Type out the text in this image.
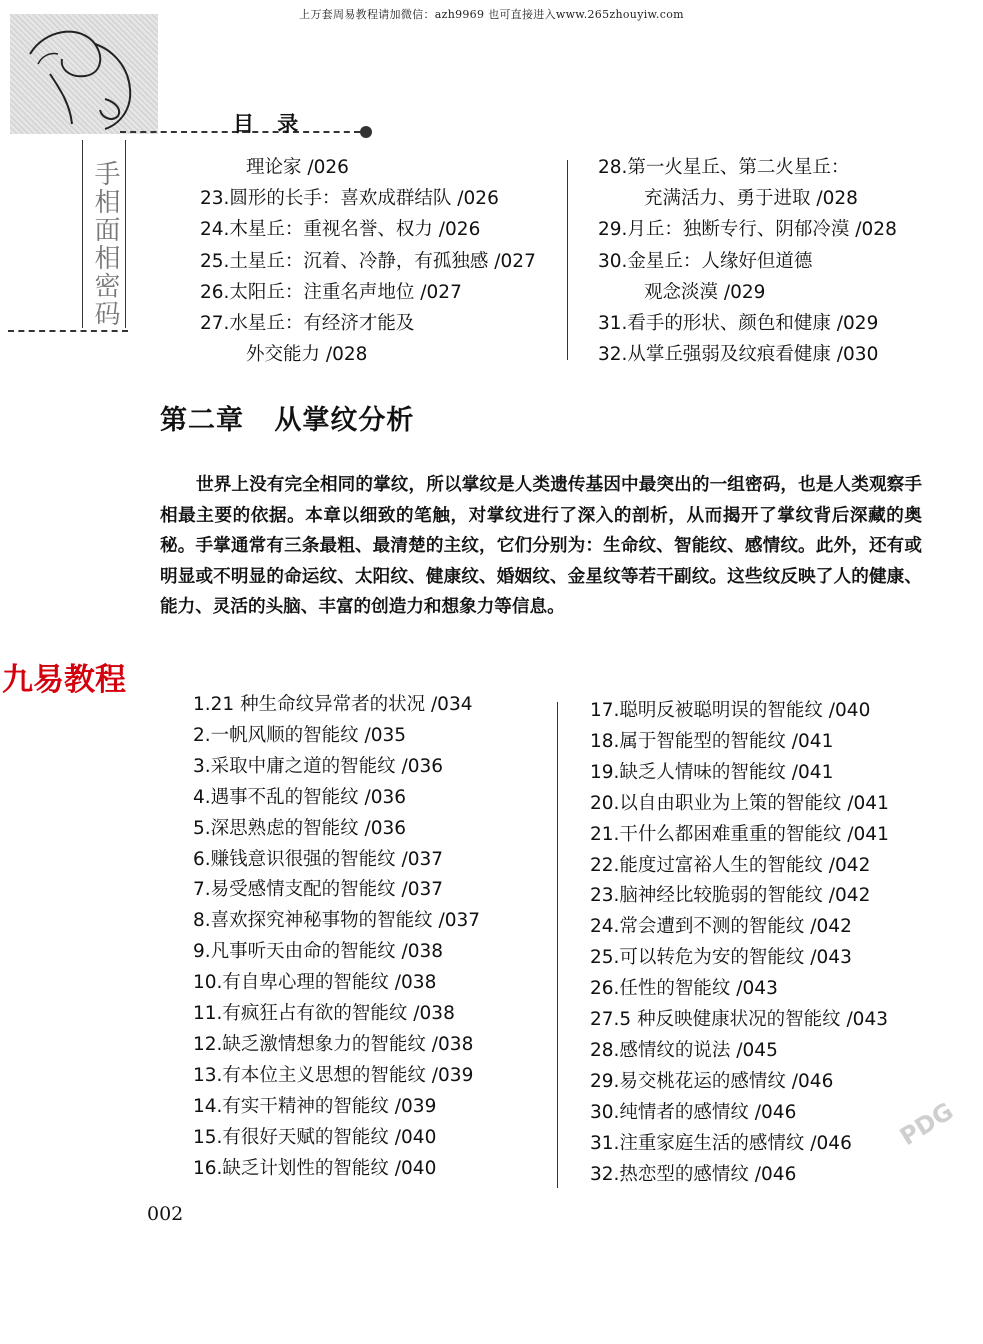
上万套周易教程请加微信：azh9969 也可直接进入www.265zhouyiw.com
手相面相密码
目 录
理论家 /026
23.圆形的长手：喜欢成群结队 /026
24.木星丘：重视名誉、权力 /026
25.土星丘：沉着、冷静，有孤独感 /027
26.太阳丘：注重名声地位 /027
27.水星丘：有经济才能及
外交能力 /028
28.第一火星丘、第二火星丘：
充满活力、勇于进取 /028
29.月丘：独断专行、阴郁冷漠 /028
30.金星丘：人缘好但道德
观念淡漠 /029
31.看手的形状、颜色和健康 /029
32.从掌丘强弱及纹痕看健康 /030
第二章 从掌纹分析
世界上没有完全相同的掌纹，所以掌纹是人类遗传基因中最突出的一组密码，也是人类观察手相最主要的依据。本章以细致的笔触，对掌纹进行了深入的剖析，从而揭开了掌纹背后深藏的奥秘。手掌通常有三条最粗、最清楚的主纹，它们分别为：生命纹、智能纹、感情纹。此外，还有或明显或不明显的命运纹、太阳纹、健康纹、婚姻纹、金星纹等若干副纹。这些纹反映了人的健康、能力、灵活的头脑、丰富的创造力和想象力等信息。
九易教程
1.21 种生命纹异常者的状况 /034
2.一帆风顺的智能纹 /035
3.采取中庸之道的智能纹 /036
4.遇事不乱的智能纹 /036
5.深思熟虑的智能纹 /036
6.赚钱意识很强的智能纹 /037
7.易受感情支配的智能纹 /037
8.喜欢探究神秘事物的智能纹 /037
9.凡事听天由命的智能纹 /038
10.有自卑心理的智能纹 /038
11.有疯狂占有欲的智能纹 /038
12.缺乏激情想象力的智能纹 /038
13.有本位主义思想的智能纹 /039
14.有实干精神的智能纹 /039
15.有很好天赋的智能纹 /040
16.缺乏计划性的智能纹 /040
17.聪明反被聪明误的智能纹 /040
18.属于智能型的智能纹 /041
19.缺乏人情味的智能纹 /041
20.以自由职业为上策的智能纹 /041
21.干什么都困难重重的智能纹 /041
22.能度过富裕人生的智能纹 /042
23.脑神经比较脆弱的智能纹 /042
24.常会遭到不测的智能纹 /042
25.可以转危为安的智能纹 /043
26.任性的智能纹 /043
27.5 种反映健康状况的智能纹 /043
28.感情纹的说法 /045
29.易交桃花运的感情纹 /046
30.纯情者的感情纹 /046
31.注重家庭生活的感情纹 /046
32.热恋型的感情纹 /046
002
PDG
